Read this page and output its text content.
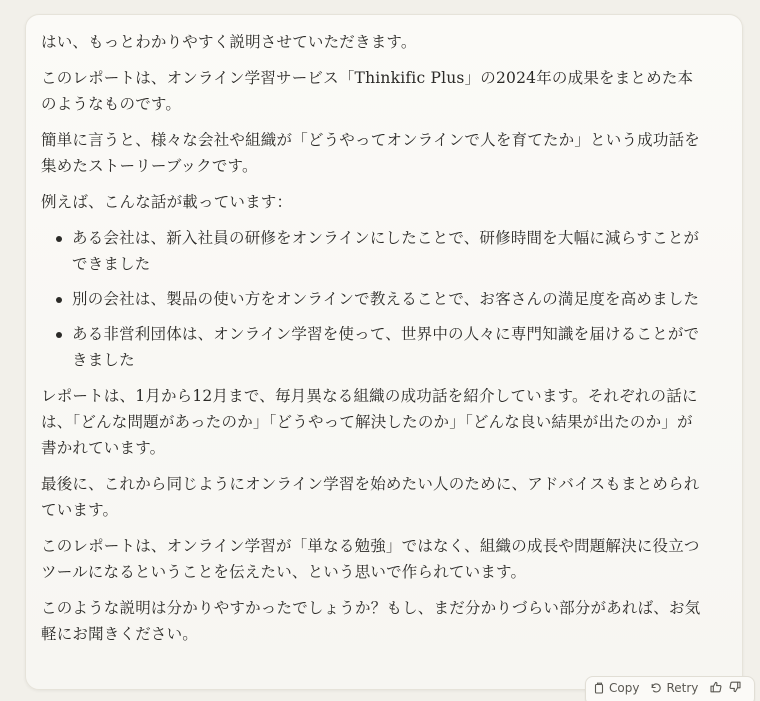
はい、もっとわかりやすく説明させていただきます。

このレポートは、オンライン学習サービス「Thinkific Plus」の2024年の成果をまとめた本のようなものです。

簡単に言うと、様々な会社や組織が「どうやってオンラインで人を育てたか」という成功話を集めたストーリーブックです。

例えば、こんな話が載っています：

ある会社は、新入社員の研修をオンラインにしたことで、研修時間を大幅に減らすことができました
別の会社は、製品の使い方をオンラインで教えることで、お客さんの満足度を高めました
ある非営利団体は、オンライン学習を使って、世界中の人々に専門知識を届けることができました

レポートは、1月から12月まで、毎月異なる組織の成功話を紹介しています。それぞれの話には、「どんな問題があったのか」「どうやって解決したのか」「どんな良い結果が出たのか」が書かれています。

最後に、これから同じようにオンライン学習を始めたい人のために、アドバイスもまとめられています。

このレポートは、オンライン学習が「単なる勉強」ではなく、組織の成長や問題解決に役立つツールになるということを伝えたい、という思いで作られています。

このような説明は分かりやすかったでしょうか？もし、まだ分かりづらい部分があれば、お気軽にお聞きください。

Copy Retry
